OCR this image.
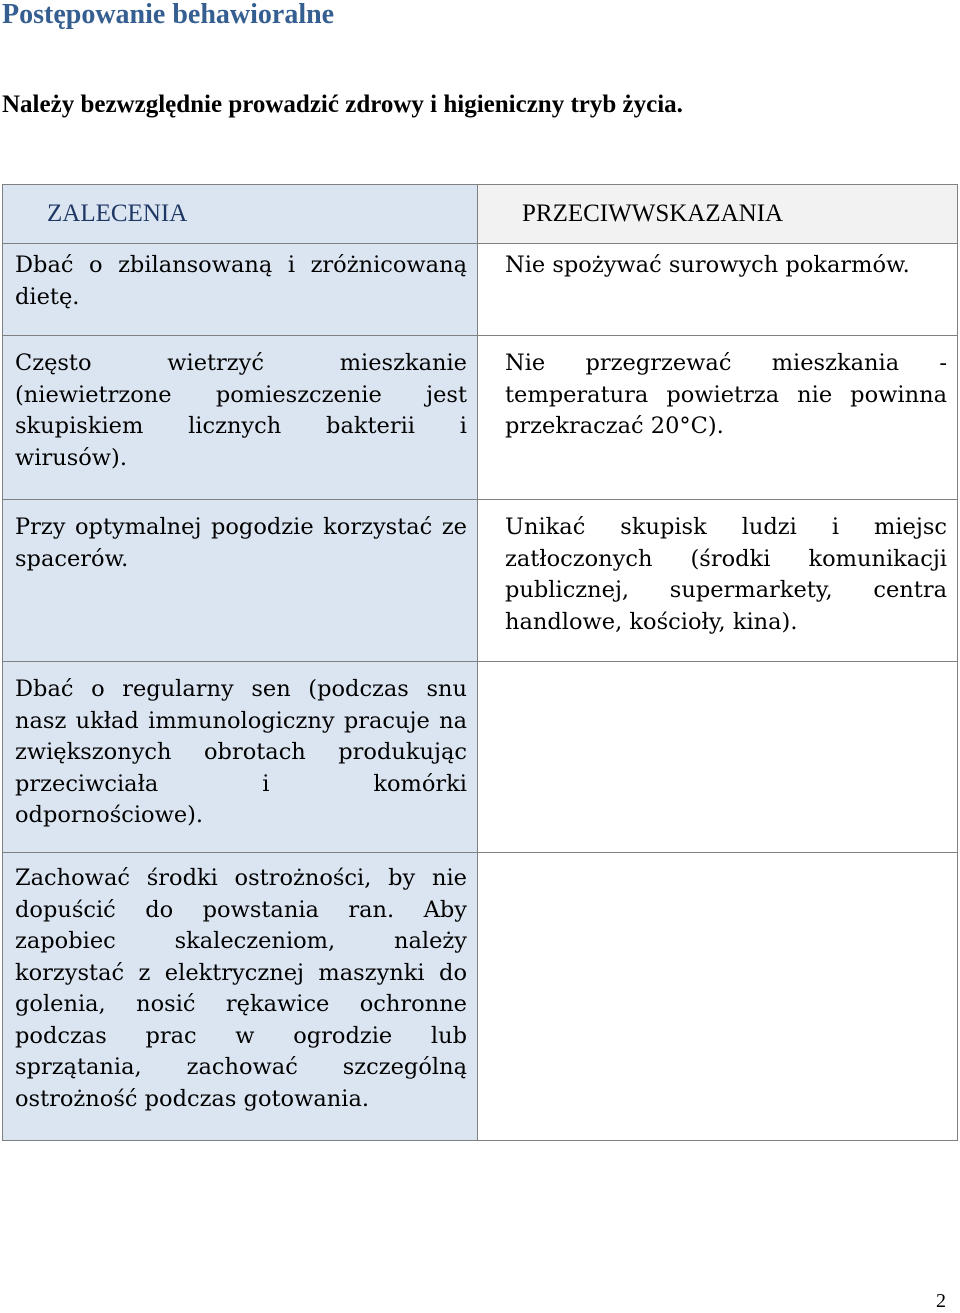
Postępowanie behawioralne
Należy bezwzględnie prowadzić zdrowy i higieniczny tryb życia.
ZALECENIA	PRZECIWWSKAZANIA
Dbać o zbilansowaną i zróżnicowaną dietę.	Nie spożywać surowych pokarmów.
Często wietrzyć mieszkanie (niewietrzone pomieszczenie jest skupiskiem licznych bakterii i wirusów).	Nie przegrzewać mieszkania - temperatura powietrza nie powinna przekraczać 20°C).
Przy optymalnej pogodzie korzystać ze spacerów.	Unikać skupisk ludzi i miejsc zatłoczonych (środki komunikacji publicznej, supermarkety, centra handlowe, kościoły, kina).
Dbać o regularny sen (podczas snu nasz układ immunologiczny pracuje na zwiększonych obrotach produkując przeciwciała i komórki odpornościowe).	
Zachować środki ostrożności, by nie dopuścić do powstania ran. Aby zapobiec skaleczeniom, należy korzystać z elektrycznej maszynki do golenia, nosić rękawice ochronne podczas prac w ogrodzie lub sprzątania, zachować szczególną ostrożność podczas gotowania.	
2
